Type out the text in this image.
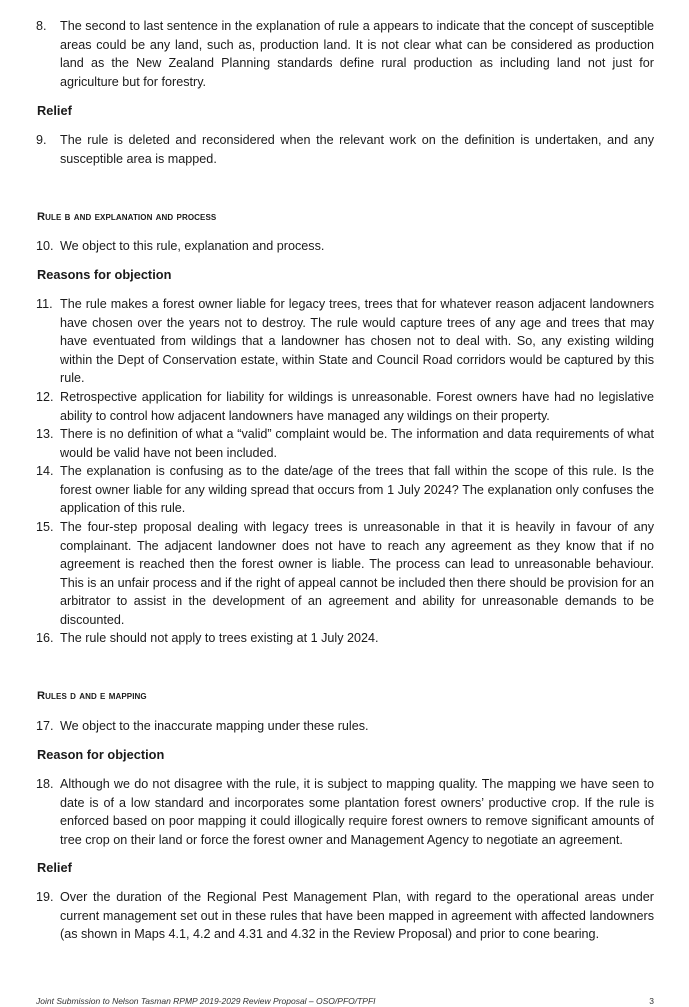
8. The second to last sentence in the explanation of rule a appears to indicate that the concept of susceptible areas could be any land, such as, production land. It is not clear what can be considered as production land as the New Zealand Planning standards define rural production as including land not just for agriculture but for forestry.
Relief
9. The rule is deleted and reconsidered when the relevant work on the definition is undertaken, and any susceptible area is mapped.
Rule b and explanation and process
10. We object to this rule, explanation and process.
Reasons for objection
11. The rule makes a forest owner liable for legacy trees, trees that for whatever reason adjacent landowners have chosen over the years not to destroy. The rule would capture trees of any age and trees that may have eventuated from wildings that a landowner has chosen not to deal with. So, any existing wilding within the Dept of Conservation estate, within State and Council Road corridors would be captured by this rule.
12. Retrospective application for liability for wildings is unreasonable. Forest owners have had no legislative ability to control how adjacent landowners have managed any wildings on their property.
13. There is no definition of what a “valid” complaint would be. The information and data requirements of what would be valid have not been included.
14. The explanation is confusing as to the date/age of the trees that fall within the scope of this rule. Is the forest owner liable for any wilding spread that occurs from 1 July 2024? The explanation only confuses the application of this rule.
15. The four-step proposal dealing with legacy trees is unreasonable in that it is heavily in favour of any complainant. The adjacent landowner does not have to reach any agreement as they know that if no agreement is reached then the forest owner is liable. The process can lead to unreasonable behaviour. This is an unfair process and if the right of appeal cannot be included then there should be provision for an arbitrator to assist in the development of an agreement and ability for unreasonable demands to be discounted.
16. The rule should not apply to trees existing at 1 July 2024.
Rules d and e mapping
17. We object to the inaccurate mapping under these rules.
Reason for objection
18. Although we do not disagree with the rule, it is subject to mapping quality. The mapping we have seen to date is of a low standard and incorporates some plantation forest owners’ productive crop. If the rule is enforced based on poor mapping it could illogically require forest owners to remove significant amounts of tree crop on their land or force the forest owner and Management Agency to negotiate an agreement.
Relief
19. Over the duration of the Regional Pest Management Plan, with regard to the operational areas under current management set out in these rules that have been mapped in agreement with affected landowners (as shown in Maps 4.1, 4.2 and 4.31 and 4.32 in the Review Proposal) and prior to cone bearing.
Joint Submission to Nelson Tasman RPMP 2019-2029 Review Proposal – OSO/PFO/TPFI	3
